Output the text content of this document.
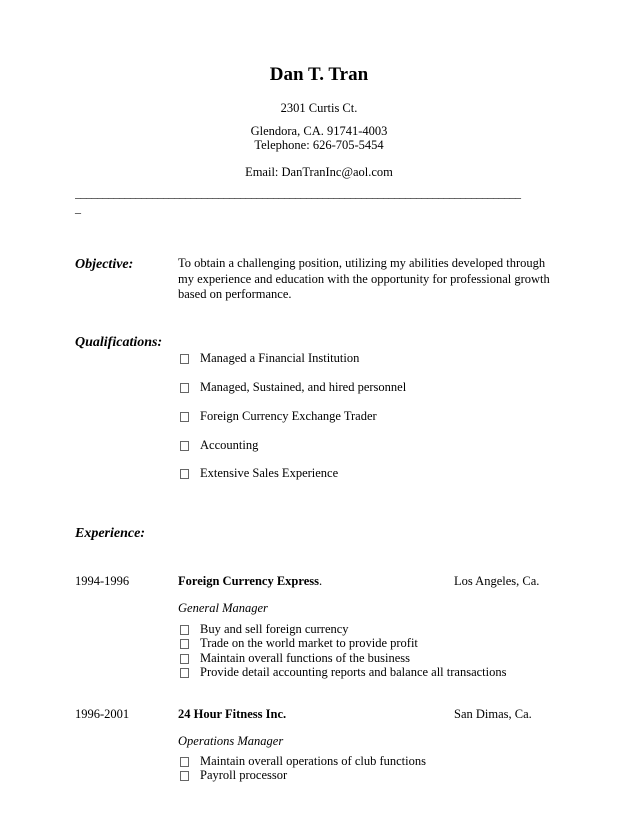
Dan T. Tran
2301 Curtis Ct.
Glendora, CA. 91741-4003
Telephone: 626-705-5454
Email: DanTranInc@aol.com
_________________________________________________________________________________
_
Objective:	To obtain a challenging position, utilizing my abilities developed through
my experience and education with the opportunity for professional growth
based on performance.
Qualifications:
Managed a Financial Institution
Managed, Sustained, and hired personnel
Foreign Currency Exchange Trader
Accounting
Extensive Sales Experience
Experience:
1994-1996	Foreign Currency Express.	Los Angeles, Ca.
General Manager
Buy and sell foreign currency
Trade on the world market to provide profit
Maintain overall functions of the business
Provide detail accounting reports and balance all transactions
1996-2001	24 Hour Fitness Inc.	San Dimas, Ca.
Operations Manager
Maintain overall operations of club functions
Payroll processor
